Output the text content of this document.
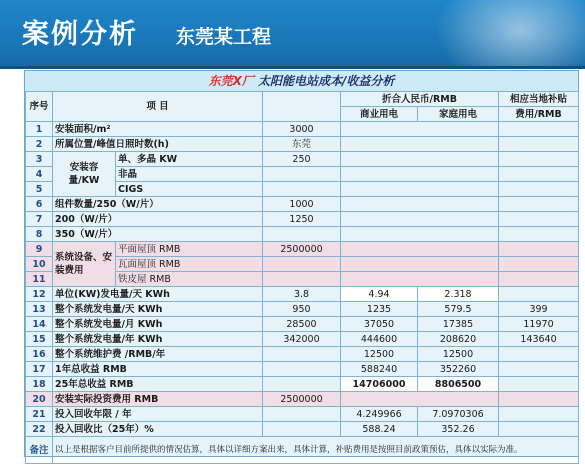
案例分析 东莞某工程
东莞X厂 太阳能电站成本/收益分析
序号	项 目			折合人民币/RMB		相应当地补贴
				商业用电	家庭用电	费用/RMB
1	安装面积/m²		3000			
2	所属位置/峰值日照时数(h)		东莞			
3	安装容量/KW	单、多晶 KW	250			
4		非晶				
5		CIGS				
6	组件数量/250（W/片）		1000			
7	200（W/片）		1250			
8	350（W/片）					
9	系统设备、安装费用	平面屋顶 RMB	2500000			
10		瓦面屋顶 RMB				
11		铁皮屋 RMB				
12	单位(KW)发电量/天 KWh		3.8	4.94	2.318	
13	整个系统发电量/天 KWh		950	1235	579.5	399
14	整个系统发电量/月 KWh		28500	37050	17385	11970
15	整个系统发电量/年 KWh		342000	444600	208620	143640
16	整个系统维护费 /RMB/年			12500	12500	
17	1年总收益 RMB			588240	352260	
18	25年总收益 RMB			14706000	8806500	
20	安装实际投资费用 RMB		2500000			
21	投入回收年限 / 年			4.249966	7.0970306	
22	投入回收比（25年）%			588.24	352.26	
备注	以上是根据客户目前所提供的情况估算，具体以详细方案出来，具体计算，补贴费用是按照目前政策预估，具体以实际为准。					
